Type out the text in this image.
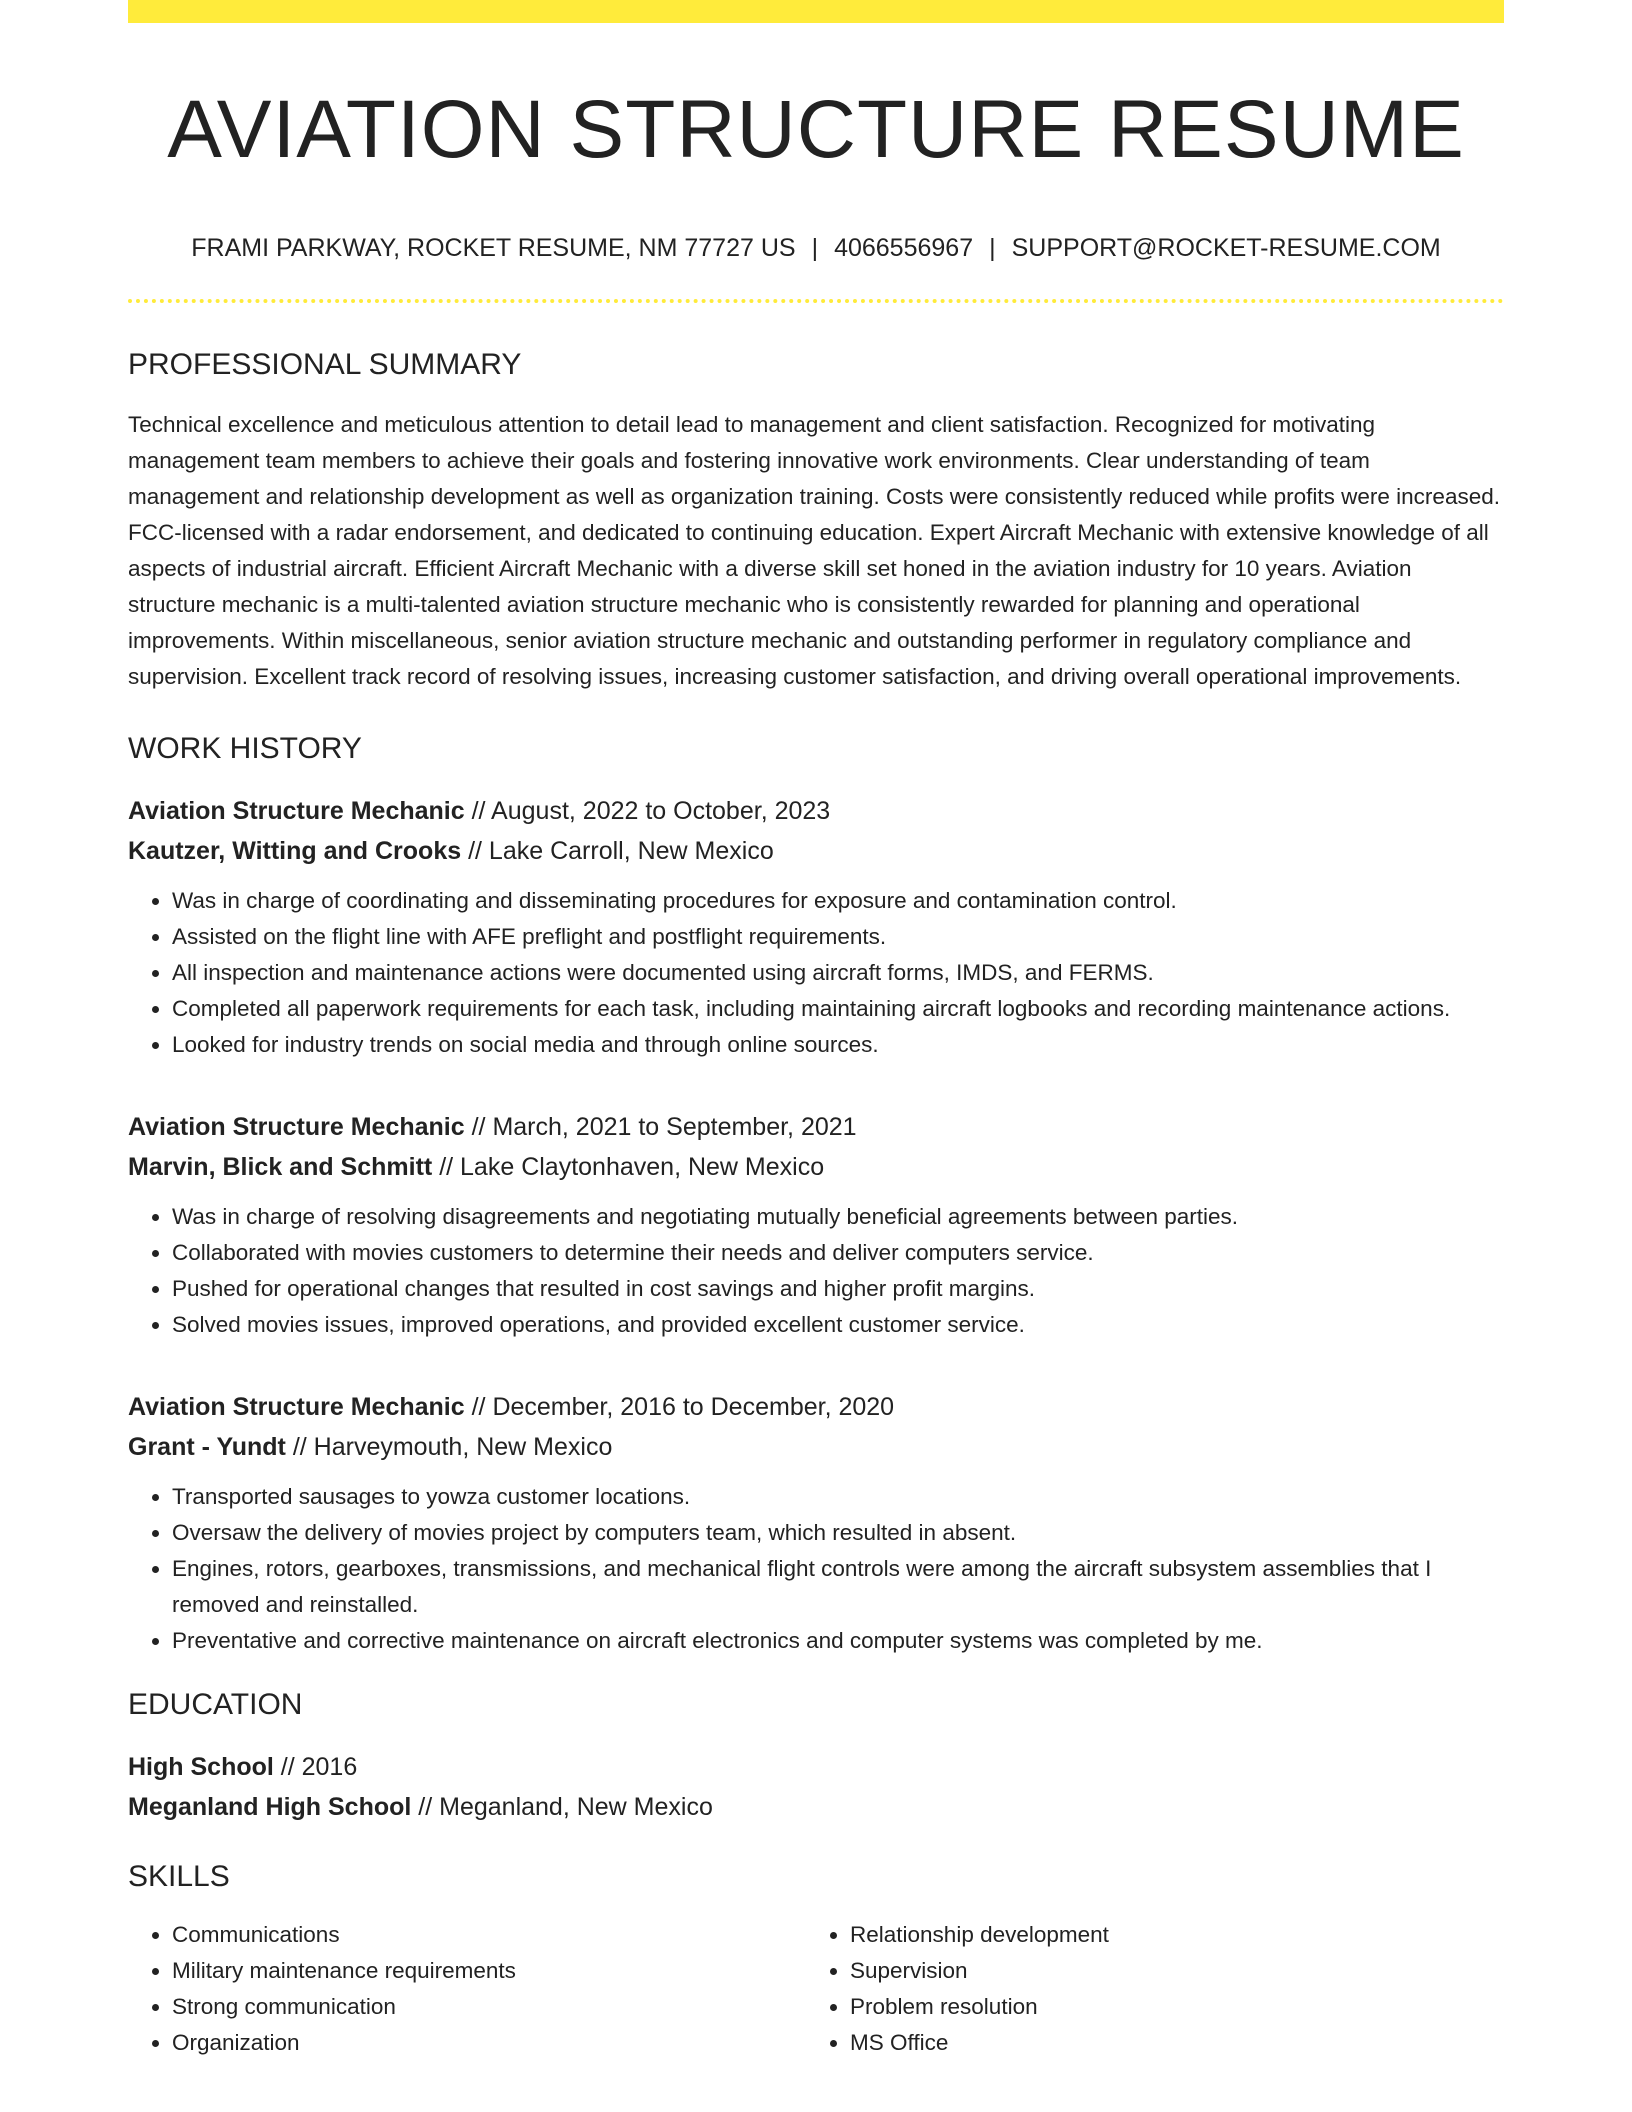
AVIATION STRUCTURE RESUME
FRAMI PARKWAY, ROCKET RESUME, NM 77727 US | 4066556967 | SUPPORT@ROCKET-RESUME.COM
PROFESSIONAL SUMMARY
Technical excellence and meticulous attention to detail lead to management and client satisfaction. Recognized for motivating management team members to achieve their goals and fostering innovative work environments. Clear understanding of team management and relationship development as well as organization training. Costs were consistently reduced while profits were increased. FCC-licensed with a radar endorsement, and dedicated to continuing education. Expert Aircraft Mechanic with extensive knowledge of all aspects of industrial aircraft. Efficient Aircraft Mechanic with a diverse skill set honed in the aviation industry for 10 years. Aviation structure mechanic is a multi-talented aviation structure mechanic who is consistently rewarded for planning and operational improvements. Within miscellaneous, senior aviation structure mechanic and outstanding performer in regulatory compliance and supervision. Excellent track record of resolving issues, increasing customer satisfaction, and driving overall operational improvements.
WORK HISTORY
Aviation Structure Mechanic // August, 2022 to October, 2023
Kautzer, Witting and Crooks // Lake Carroll, New Mexico
• Was in charge of coordinating and disseminating procedures for exposure and contamination control.
• Assisted on the flight line with AFE preflight and postflight requirements.
• All inspection and maintenance actions were documented using aircraft forms, IMDS, and FERMS.
• Completed all paperwork requirements for each task, including maintaining aircraft logbooks and recording maintenance actions.
• Looked for industry trends on social media and through online sources.
Aviation Structure Mechanic // March, 2021 to September, 2021
Marvin, Blick and Schmitt // Lake Claytonhaven, New Mexico
• Was in charge of resolving disagreements and negotiating mutually beneficial agreements between parties.
• Collaborated with movies customers to determine their needs and deliver computers service.
• Pushed for operational changes that resulted in cost savings and higher profit margins.
• Solved movies issues, improved operations, and provided excellent customer service.
Aviation Structure Mechanic // December, 2016 to December, 2020
Grant - Yundt // Harveymouth, New Mexico
• Transported sausages to yowza customer locations.
• Oversaw the delivery of movies project by computers team, which resulted in absent.
• Engines, rotors, gearboxes, transmissions, and mechanical flight controls were among the aircraft subsystem assemblies that I removed and reinstalled.
• Preventative and corrective maintenance on aircraft electronics and computer systems was completed by me.
EDUCATION
High School // 2016
Meganland High School // Meganland, New Mexico
SKILLS
• Communications
• Military maintenance requirements
• Strong communication
• Organization
• Relationship development
• Supervision
• Problem resolution
• MS Office
